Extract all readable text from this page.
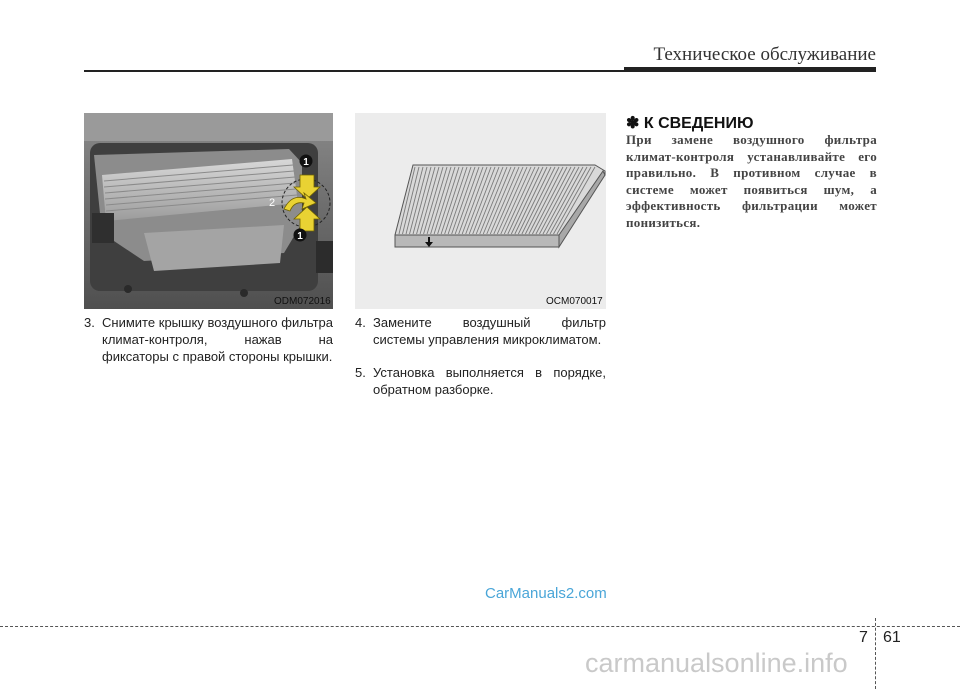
Техническое обслуживание
1
2
1
ODM072016	OCM070017
3. Снимите крышку воздушного фильтра климат-контроля, нажав на фиксаторы с правой стороны крышки.
4. Замените воздушный фильтр системы управления микроклиматом.
5. Установка выполняется в порядке, обратном разборке.
✽ К СВЕДЕНИЮ
При замене воздушного фильтра климат-контроля устанавливайте его правильно. В противном случае в системе может появиться шум, а эффективность фильтрации может понизиться.
CarManuals2.com
7 61
carmanualsonline.info
